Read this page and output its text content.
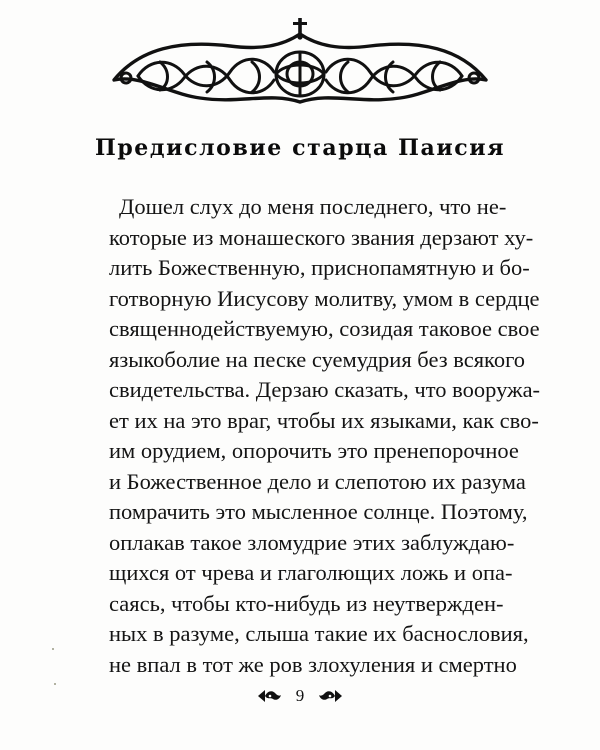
Предисловие старца Паисия
Дошел слух до меня последнего, что не-
которые из монашеского звания дерзают ху-
лить Божественную, приснопамятную и бо-
готворную Иисусову молитву, умом в сердце
священнодействуемую, созидая таковое свое
языкоболие на песке суемудрия без всякого
свидетельства. Дерзаю сказать, что вооружа-
ет их на это враг, чтобы их языками, как сво-
им орудием, опорочить это пренепорочное
и Божественное дело и слепотою их разума
помрачить это мысленное солнце. Поэтому,
оплакав такое зломудрие этих заблуждаю-
щихся от чрева и глаголющих ложь и опа-
саясь, чтобы кто-нибудь из неутвержден-
ных в разуме, слыша такие их баснословия,
не впал в тот же ров злохуления и смертно
9
